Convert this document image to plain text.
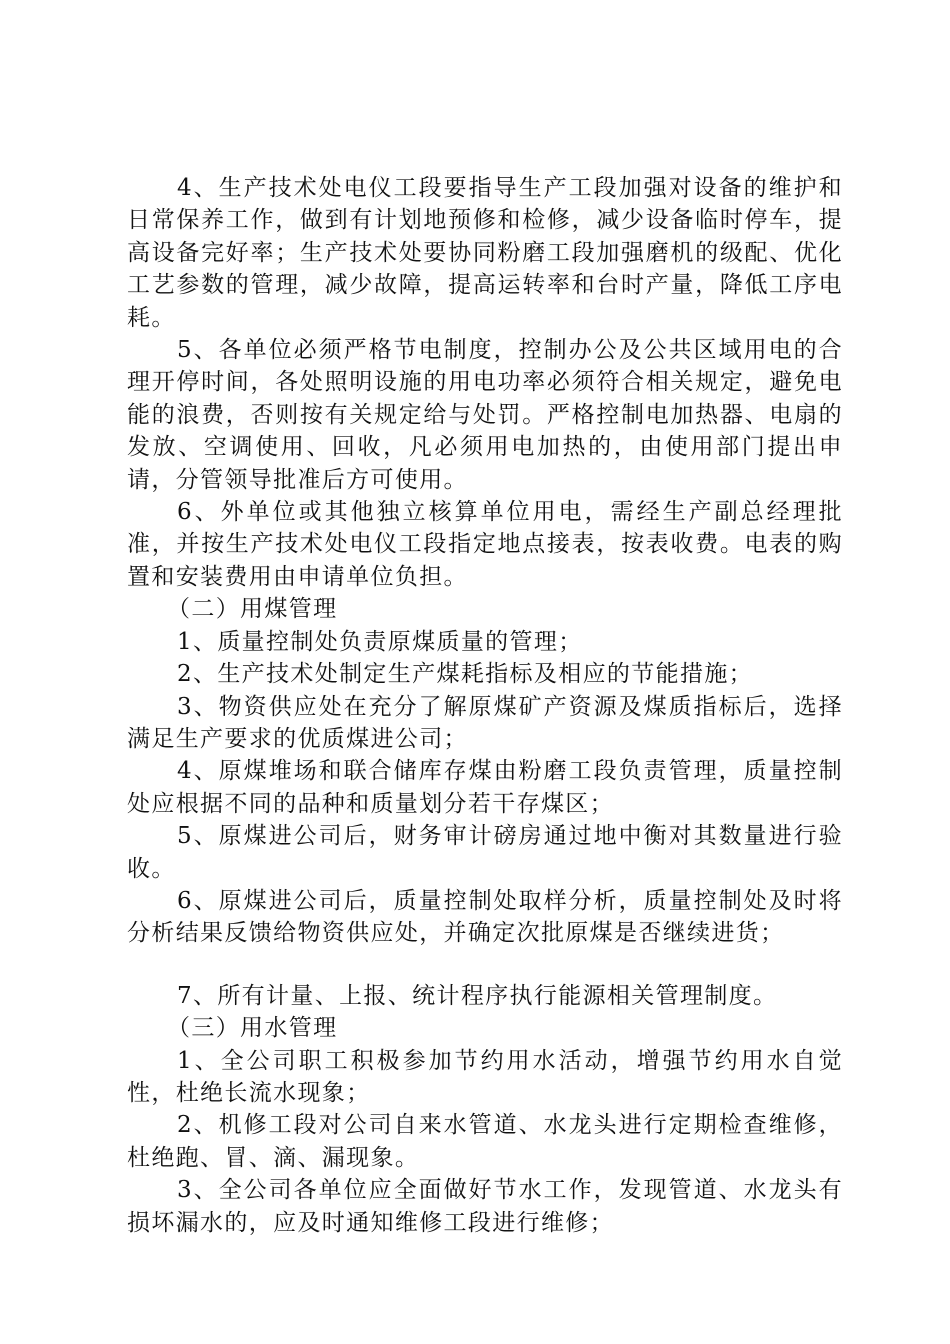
4、生产技术处电仪工段要指导生产工段加强对设备的维护和日常保养工作，做到有计划地预修和检修，减少设备临时停车，提高设备完好率；生产技术处要协同粉磨工段加强磨机的级配、优化工艺参数的管理，减少故障，提高运转率和台时产量，降低工序电耗。

5、各单位必须严格节电制度，控制办公及公共区域用电的合理开停时间，各处照明设施的用电功率必须符合相关规定，避免电能的浪费，否则按有关规定给与处罚。严格控制电加热器、电扇的发放、空调使用、回收，凡必须用电加热的，由使用部门提出申请，分管领导批准后方可使用。

6、外单位或其他独立核算单位用电，需经生产副总经理批准，并按生产技术处电仪工段指定地点接表，按表收费。电表的购置和安装费用由申请单位负担。

（二）用煤管理

1、质量控制处负责原煤质量的管理；

2、生产技术处制定生产煤耗指标及相应的节能措施；

3、物资供应处在充分了解原煤矿产资源及煤质指标后，选择满足生产要求的优质煤进公司；

4、原煤堆场和联合储库存煤由粉磨工段负责管理，质量控制处应根据不同的品种和质量划分若干存煤区；

5、原煤进公司后，财务审计磅房通过地中衡对其数量进行验收。

6、原煤进公司后，质量控制处取样分析，质量控制处及时将分析结果反馈给物资供应处，并确定次批原煤是否继续进货；

7、所有计量、上报、统计程序执行能源相关管理制度。

（三）用水管理

1、全公司职工积极参加节约用水活动，增强节约用水自觉性，杜绝长流水现象；

2、机修工段对公司自来水管道、水龙头进行定期检查维修，杜绝跑、冒、滴、漏现象。

3、全公司各单位应全面做好节水工作，发现管道、水龙头有损坏漏水的，应及时通知维修工段进行维修；
